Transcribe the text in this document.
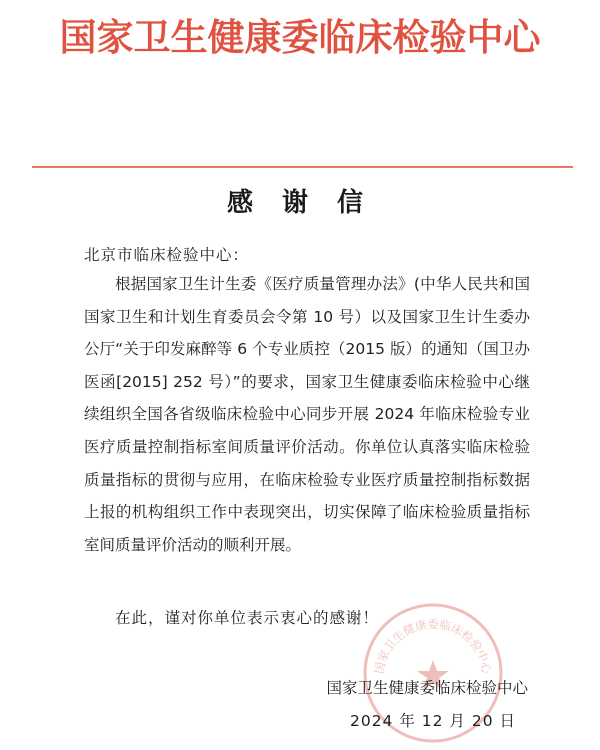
国家卫生健康委临床检验中心
感 谢 信
北京市临床检验中心：

根据国家卫生计生委《医疗质量管理办法》(中华人民共和国国家卫生和计划生育委员会令第 10 号）以及国家卫生计生委办公厅“关于印发麻醉等 6 个专业质控（2015 版）的通知（国卫办医函[2015] 252 号）”的要求，国家卫生健康委临床检验中心继续组织全国各省级临床检验中心同步开展 2024 年临床检验专业医疗质量控制指标室间质量评价活动。你单位认真落实临床检验质量指标的贯彻与应用，在临床检验专业医疗质量控制指标数据上报的机构组织工作中表现突出，切实保障了临床检验质量指标室间质量评价活动的顺利开展。

在此，谨对你单位表示衷心的感谢！
国家卫生健康委临床检验中心
国家卫生健康委临床检验中心
2024 年 12 月 20 日
